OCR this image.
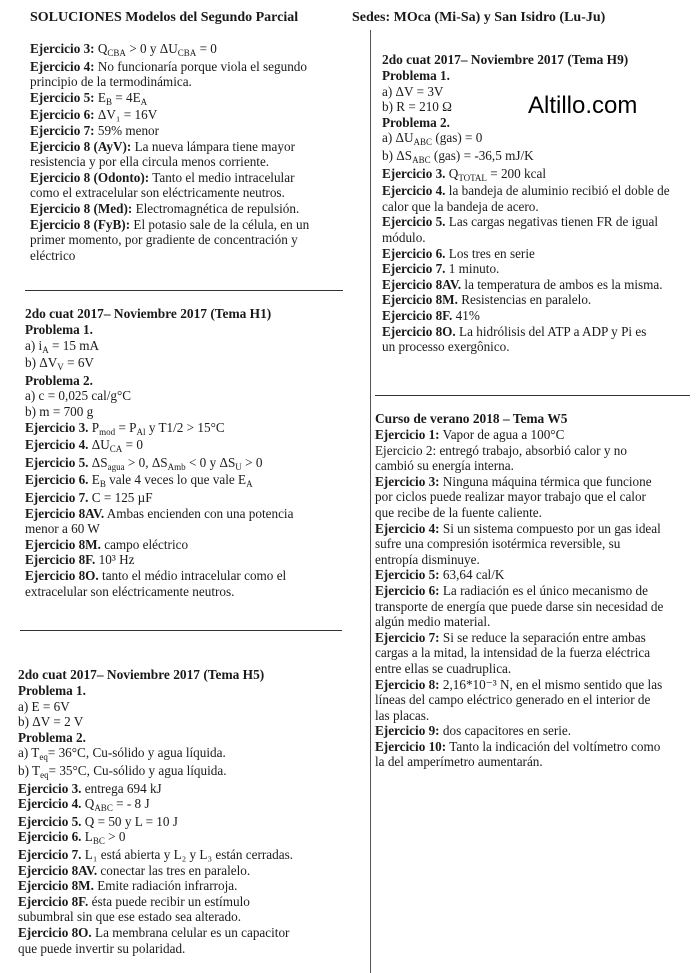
SOLUCIONES Modelos del Segundo Parcial	Sedes: MOca (Mi-Sa) y San Isidro (Lu-Ju)
Altillo.com
Ejercicio 3: $Q_{CBA} > 0$ y $\Delta U_{CBA} = 0$
Ejercicio 4: No funcionaría porque viola el segundo
principio de la termodinámica.
Ejercicio 5: $E_B = 4E_A$
Ejercicio 6: ΔV₁ = 16V
Ejercicio 7: 59% menor
Ejercicio 8 (AyV): La nueva lámpara tiene mayor
resistencia y por ella circula menos corriente.
Ejercicio 8 (Odonto): Tanto el medio intracelular
como el extracelular son eléctricamente neutros.
Ejercicio 8 (Med): Electromagnética de repulsión.
Ejercicio 8 (FyB): El potasio sale de la célula, en un
primer momento, por gradiente de concentración y
eléctrico
2do cuat 2017– Noviembre 2017 (Tema H1)
Problema 1.
a) $i_A = 15$ mA
b) $\Delta V_V = 6V$
Problema 2.
a) c = 0,025 cal/g°C
b) m = 700 g
Ejercicio 3. $P_{mod} = P_{Al}$ y T1/2 > 15°C
Ejercicio 4. $\Delta U_{CA} = 0$
Ejercicio 5. $\Delta S_{agua} > 0$, $\Delta S_{Amb} < 0$ y $\Delta S_U > 0$
Ejercicio 6. $E_B$ vale 4 veces lo que vale $E_A$
Ejercicio 7. C = 125 µF
Ejercicio 8AV. Ambas encienden con una potencia
menor a 60 W
Ejercicio 8M. campo eléctrico
Ejercicio 8F. 10³ Hz
Ejercicio 8O. tanto el médio intracelular como el
extracelular son eléctricamente neutros.
2do cuat 2017– Noviembre 2017 (Tema H5)
Problema 1.
a) E = 6V
b) ΔV = 2 V
Problema 2.
a) $T_{eq}= 36^\circ C$, Cu-sólido y agua líquida.
b) $T_{eq}= 35^\circ C$, Cu-sólido y agua líquida.
Ejercicio 3. entrega 694 kJ
Ejercicio 4. $Q_{ABC}$ = - 8 J
Ejercicio 5. Q = 50 y L = 10 J
Ejercicio 6. $L_{BC} > 0$
Ejercicio 7. L₁ está abierta y L₂ y L₃ están cerradas.
Ejercicio 8AV. conectar las tres en paralelo.
Ejercicio 8M. Emite radiación infrarroja.
Ejercicio 8F. ésta puede recibir un estímulo
subumbral sin que ese estado sea alterado.
Ejercicio 8O. La membrana celular es un capacitor
que puede invertir su polaridad.
2do cuat 2017– Noviembre 2017 (Tema H9)
Problema 1.
a) ΔV = 3V
b) R = 210 Ω
Problema 2.
a) $\Delta U_{ABC}$ (gas) = 0
b) $\Delta S_{ABC}$ (gas) = -36,5 mJ/K
Ejercicio 3. $Q_{TOTAL} = 200$ kcal
Ejercicio 4. la bandeja de aluminio recibió el doble de
calor que la bandeja de acero.
Ejercicio 5. Las cargas negativas tienen FR de igual
módulo.
Ejercicio 6. Los tres en serie
Ejercicio 7. 1 minuto.
Ejercicio 8AV. la temperatura de ambos es la misma.
Ejercicio 8M. Resistencias en paralelo.
Ejercicio 8F. 41%
Ejercicio 8O. La hidrólisis del ATP a ADP y Pi es
un processo exergônico.
Curso de verano 2018 – Tema W5
Ejercicio 1: Vapor de agua a 100°C
Ejercicio 2: entregó trabajo, absorbió calor y no
cambió su energía interna.
Ejercicio 3: Ninguna máquina térmica que funcione
por ciclos puede realizar mayor trabajo que el calor
que recibe de la fuente caliente.
Ejercicio 4: Si un sistema compuesto por un gas ideal
sufre una compresión isotérmica reversible, su
entropía disminuye.
Ejercicio 5: 63,64 cal/K
Ejercicio 6: La radiación es el único mecanismo de
transporte de energía que puede darse sin necesidad de
algún medio material.
Ejercicio 7: Si se reduce la separación entre ambas
cargas a la mitad, la intensidad de la fuerza eléctrica
entre ellas se cuadruplica.
Ejercicio 8: 2,16*10⁻³ N, en el mismo sentido que las
líneas del campo eléctrico generado en el interior de
las placas.
Ejercicio 9: dos capacitores en serie.
Ejercicio 10: Tanto la indicación del voltímetro como
la del amperímetro aumentarán.
